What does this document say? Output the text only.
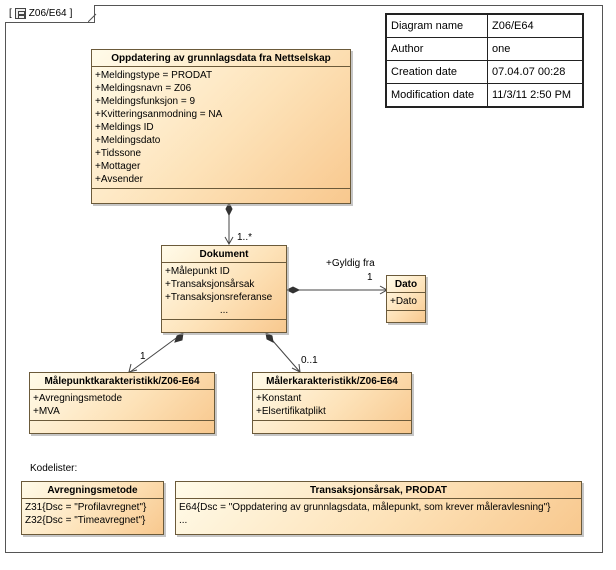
[ Z06/E64 ]
Diagram name	Z06/E64
Author	one
Creation date	07.04.07 00:28
Modification date	11/3/11 2:50 PM
Oppdatering av grunnlagsdata fra Nettselskap
+Meldingstype = PRODAT
+Meldingsnavn = Z06
+Meldingsfunksjon = 9
+Kvitteringsanmodning = NA
+Meldings ID
+Meldingsdato
+Tidssone
+Mottager
+Avsender
Dokument
+Målepunkt ID
+Transaksjonsårsak
+Transaksjonsreferanse
...
Dato
+Dato
Målepunktkarakteristikk/Z06-E64
+Avregningsmetode
+MVA
Målerkarakteristikk/Z06-E64
+Konstant
+Elsertifikatplikt
Kodelister:
Avregningsmetode
Z31{Dsc = "Profilavregnet"}
Z32{Dsc = "Timeavregnet"}
Transaksjonsårsak, PRODAT
E64{Dsc = "Oppdatering av grunnlagsdata, målepunkt, som krever måleravlesning"}
...
1..*
+Gyldig fra
1
1	0..1
